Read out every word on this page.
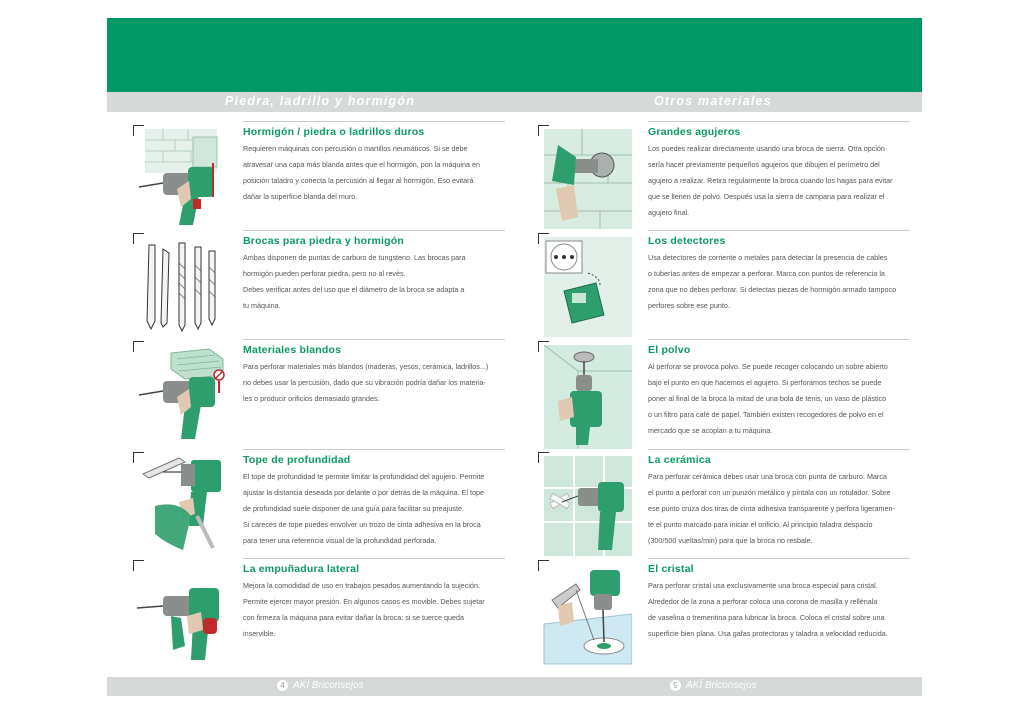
Piedra, ladrillo y hormigón	Otros materiales
Hormigón / piedra o ladrillos duros

Requieren máquinas con percusión o martillos neumáticos. Si se debe

atravesar una capa más blanda antes que el hormigón, pon la máquina en

posición taladro y conecta la percusión al llegar al hormigón. Eso evitará

dañar la superficie blanda del muro.

Brocas para piedra y hormigón

Ambas disponen de puntas de carburo de tungsteno. Las brocas para

hormigón pueden perforar piedra, pero no al revés.

Debes verificar antes del uso que el diámetro de la broca se adapta a

tu máquina.

Materiales blandos

Para perforar materiales más blandos (maderas, yesos, cerámica, ladrillos...)

no debes usar la percusión, dado que su vibración podría dañar los materia-

les o producir orificios demasiado grandes.

Tope de profundidad

El tope de profundidad te permite limitar la profundidad del agujero. Permite

ajustar la distancia deseada por delante o por detrás de la máquina. El tope

de profundidad suele disponer de una guía para facilitar su preajuste.

Si careces de tope puedes envolver un trozo de cinta adhesiva en la broca

para tener una referencia visual de la profundidad perforada.

La empuñadura lateral

Mejora la comodidad de uso en trabajos pesados aumentando la sujeción.

Permite ejercer mayor presión. En algunos casos es movible. Debes sujetar

con firmeza la máquina para evitar dañar la broca: si se tuerce queda

inservible.

Grandes agujeros

Los puedes realizar directamente usando una broca de sierra. Otra opción

sería hacer previamente pequeños agujeros que dibujen el perímetro del

agujero a realizar. Retira regularmente la broca cuando los hagas para evitar

que se llenen de polvo. Después usa la sierra de campana para realizar el

agujero final.

Los detectores

Usa detectores de corriente o metales para detectar la presencia de cables

o tuberías antes de empezar a perforar. Marca con puntos de referencia la

zona que no debes perforar. Si detectas piezas de hormigón armado tampoco

perfores sobre ese punto.

El polvo

Al perforar se provoca polvo. Se puede recoger colocando un sobre abierto

bajo el punto en que hacemos el agujero. Si perforamos techos se puede

poner al final de la broca la mitad de una bola de tenis, un vaso de plástico

o un filtro para café de papel. También existen recogedores de polvo en el

mercado que se acoplan a tu máquina.

La cerámica

Para perforar cerámica debes usar una broca con punta de carburo. Marca

el punto a perforar con un punzón metálico y píntala con un rotulador. Sobre

ese punto cruza dos tiras de cinta adhesiva transparente y perfora ligeramen-

te el punto marcado para iniciar el orificio. Al principio taladra despacio

(300/500 vueltas/min) para que la broca no resbale.

El cristal

Para perforar cristal usa exclusivamente una broca especial para cristal.

Alrededor de la zona a perforar coloca una corona de masilla y rellénala

de vaselina o trementina para lubricar la broca. Coloca el cristal sobre una

superficie bien plana. Usa gafas protectoras y taladra a velocidad reducida.

4 AKÍ Briconsejos	5 AKÍ Briconsejos
